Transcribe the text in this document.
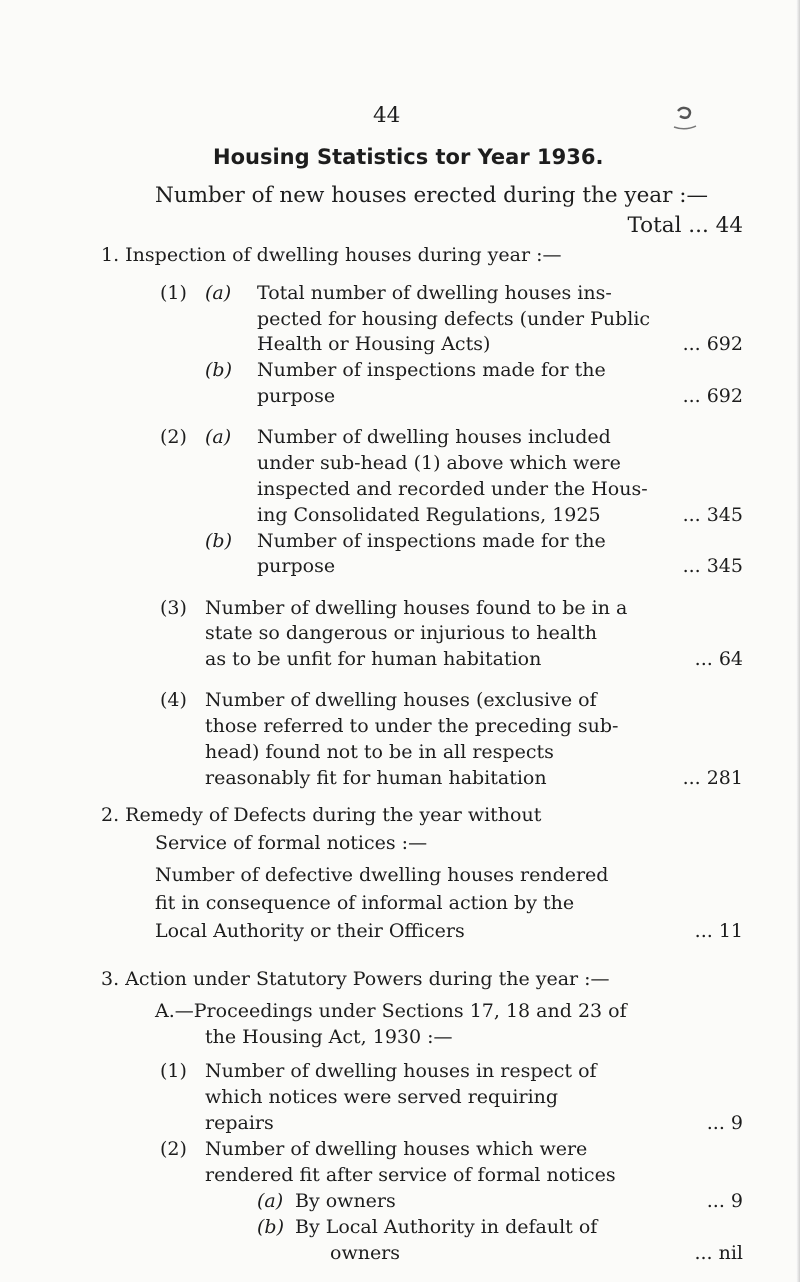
44
Housing Statistics tor Year 1936.
Number of new houses erected during the year :—
Total ... 44
1. Inspection of dwelling houses during year :—
(1) (a) Total number of dwelling houses ins-
pected for housing defects (under Public
Health or Housing Acts)	... 692
(b) Number of inspections made for the
purpose	... 692
(2) (a) Number of dwelling houses included
under sub-head (1) above which were
inspected and recorded under the Hous-
ing Consolidated Regulations, 1925	... 345
(b) Number of inspections made for the
purpose	... 345
(3) Number of dwelling houses found to be in a
state so dangerous or injurious to health
as to be unfit for human habitation	... 64
(4) Number of dwelling houses (exclusive of
those referred to under the preceding sub-
head) found not to be in all respects
reasonably fit for human habitation	... 281
2. Remedy of Defects during the year without
Service of formal notices :—
Number of defective dwelling houses rendered
fit in consequence of informal action by the
Local Authority or their Officers	... 11
3. Action under Statutory Powers during the year :—
A.—Proceedings under Sections 17, 18 and 23 of
the Housing Act, 1930 :—
(1) Number of dwelling houses in respect of
which notices were served requiring
repairs	... 9
(2) Number of dwelling houses which were
rendered fit after service of formal notices
(a) By owners	... 9
(b) By Local Authority in default of
owners	... nil
